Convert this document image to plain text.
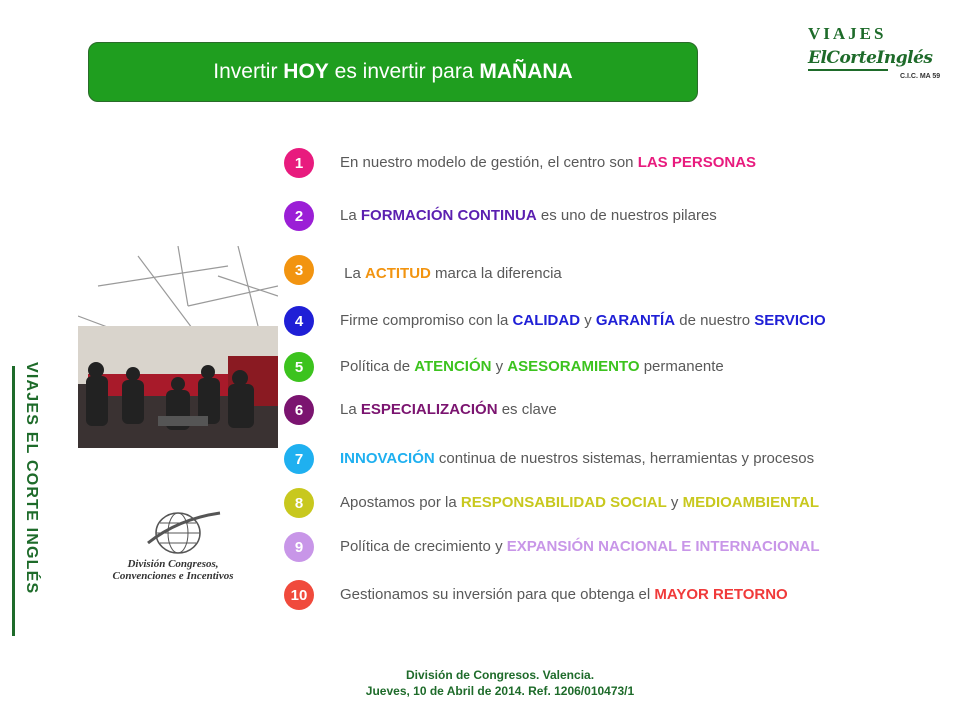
Invertir HOY es invertir para MAÑANA
VIAJES
ElCorteInglés
C.I.C. MA 59
VIAJES EL CORTE INGLÉS	División Congresos,
Convenciones e Incentivos
1	En nuestro modelo de gestión, el centro son LAS PERSONAS
2	La FORMACIÓN CONTINUA es uno de nuestros pilares
3	La ACTITUD marca la diferencia
4	Firme compromiso con la CALIDAD y GARANTÍA de nuestro SERVICIO
5	Política de ATENCIÓN y ASESORAMIENTO permanente
6	La ESPECIALIZACIÓN es clave
7	INNOVACIÓN continua de nuestros sistemas, herramientas y procesos
8	Apostamos por la RESPONSABILIDAD SOCIAL y MEDIOAMBIENTAL
9	Política de crecimiento y EXPANSIÓN NACIONAL E INTERNACIONAL
10	Gestionamos su inversión para que obtenga el MAYOR RETORNO
División de Congresos. Valencia.
Jueves, 10 de Abril de 2014. Ref. 1206/010473/1
